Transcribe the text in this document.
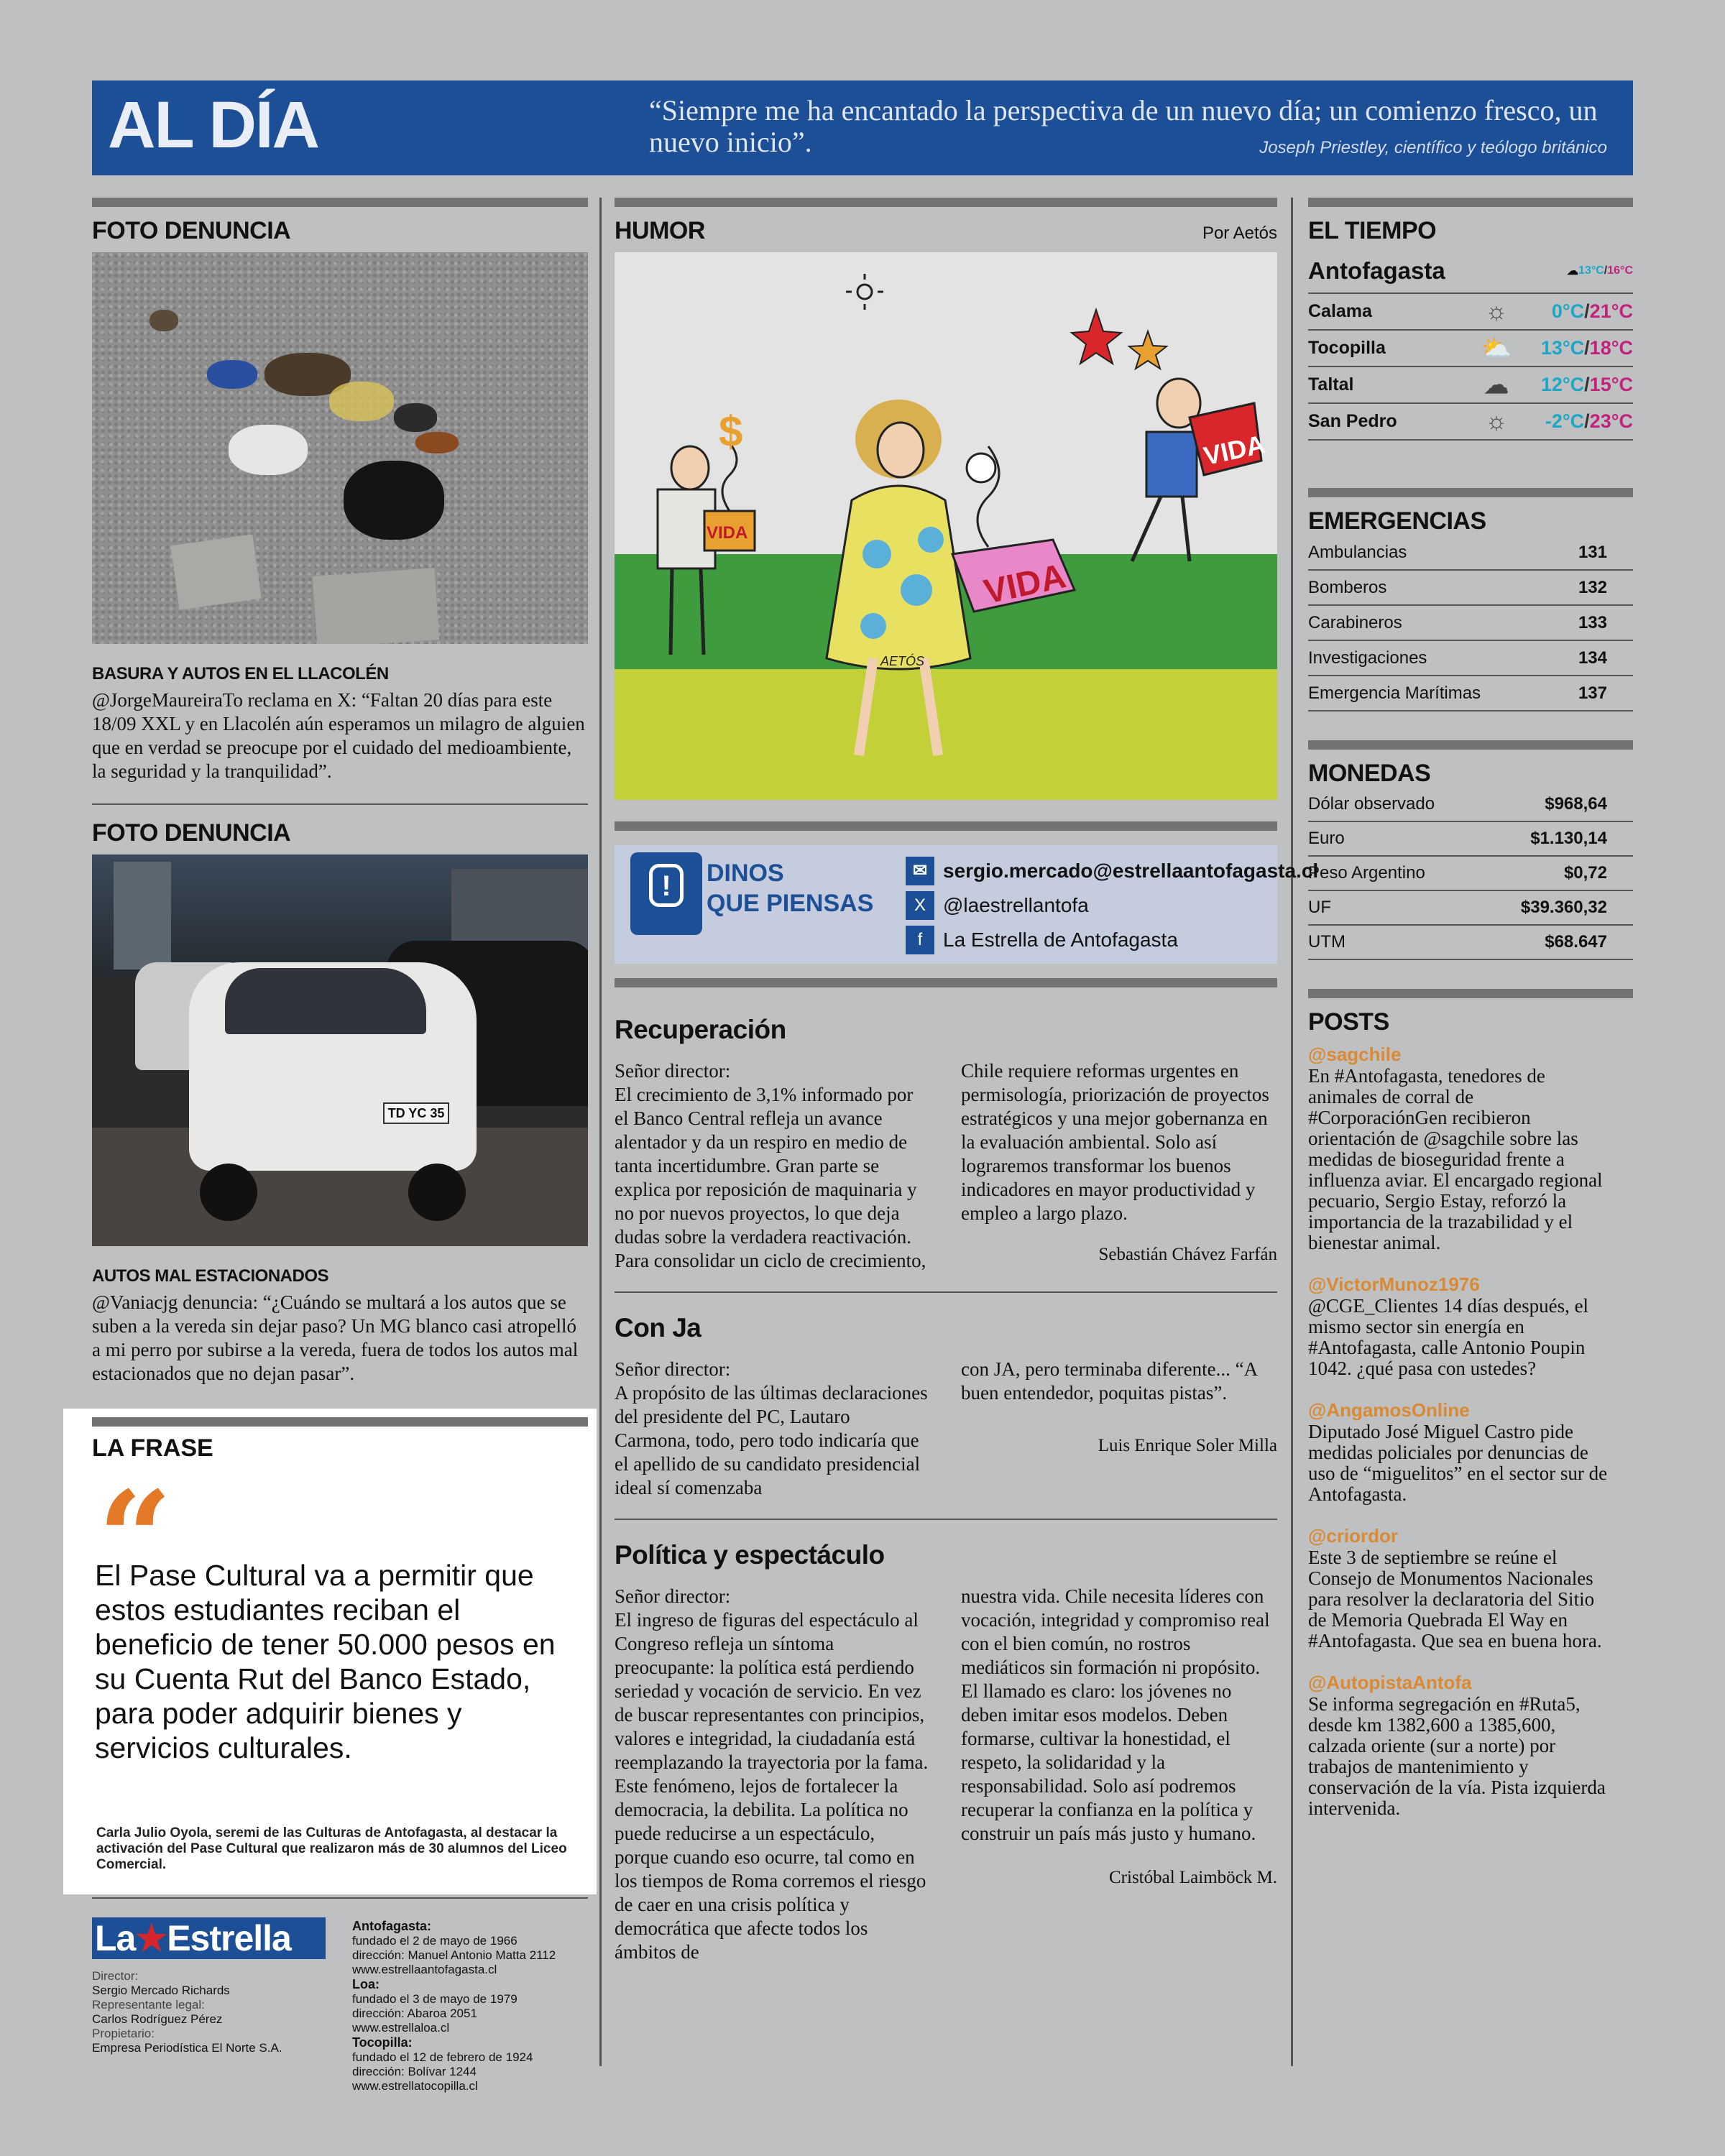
AL DÍA	“Siempre me ha encantado la perspectiva de un nuevo día; un comienzo fresco, un nuevo inicio”.	Joseph Priestley, científico y teólogo británico
FOTO DENUNCIA
BASURA Y AUTOS EN EL LLACOLÉN
@JorgeMaureiraTo reclama en X: “Faltan 20 días para este 18/09 XXL y en Llacolén aún esperamos un milagro de alguien que en verdad se preocupe por el cuidado del medioambiente, la seguridad y la tranquilidad”.
FOTO DENUNCIA
TD YC 35
AUTOS MAL ESTACIONADOS
@Vaniacjg denuncia: “¿Cuándo se multará a los autos que se suben a la vereda sin dejar paso? Un MG blanco casi atropelló a mi perro por subirse a la vereda, fuera de todos los autos mal estacionados que no dejan pasar”.
LA FRASE
“
El Pase Cultural va a permitir que estos estudiantes reciban el beneficio de tener 50.000 pesos en su Cuenta Rut del Banco Estado, para poder adquirir bienes y servicios culturales.
Carla Julio Oyola, seremi de las Culturas de Antofagasta, al destacar la activación del Pase Cultural que realizaron más de 30 alumnos del Liceo Comercial.
La★Estrella
Director:
Sergio Mercado Richards
Representante legal:
Carlos Rodríguez Pérez
Propietario:
Empresa Periodística El Norte S.A.
Antofagasta:
fundado el 2 de mayo de 1966
dirección: Manuel Antonio Matta 2112
www.estrellaantofagasta.cl
Loa:
fundado el 3 de mayo de 1979
dirección: Abaroa 2051
www.estrellaloa.cl
Tocopilla:
fundado el 12 de febrero de 1924
dirección: Bolívar 1244
www.estrellatocopilla.cl
HUMOR	Por Aetós
VIDA
$
VIDA
VIDA
AETÓS
!	DINOS
QUE PIENSAS
✉ sergio.mercado@estrellaantofagasta.cl
X @laestrellantofa
f	La Estrella de Antofagasta
Recuperación
Señor director:
El crecimiento de 3,1% informado por el Banco Central refleja un avance alentador y da un respiro en medio de tanta incertidumbre. Gran parte se explica por reposición de maquinaria y no por nuevos proyectos, lo que deja dudas sobre la verdadera reactivación. Para consolidar un ciclo de crecimiento,
Chile requiere reformas urgentes en permisología, priorización de proyectos estratégicos y una mejor gobernanza en la evaluación ambiental. Solo así lograremos transformar los buenos indicadores en mayor productividad y empleo a largo plazo.
Sebastián Chávez Farfán
Con Ja
Señor director:
A propósito de las últimas declaraciones del presidente del PC, Lautaro Carmona, todo, pero todo indicaría que el apellido de su candidato presidencial ideal sí comenzaba
con JA, pero terminaba diferente... “A buen entendedor, poquitas pistas”.
Luis Enrique Soler Milla
Política y espectáculo
Señor director:
El ingreso de figuras del espectáculo al Congreso refleja un síntoma preocupante: la política está perdiendo seriedad y vocación de servicio. En vez de buscar representantes con principios, valores e integridad, la ciudadanía está reemplazando la trayectoria por la fama. Este fenómeno, lejos de fortalecer la democracia, la debilita. La política no puede reducirse a un espectáculo, porque cuando eso ocurre, tal como en los tiempos de Roma corremos el riesgo de caer en una crisis política y democrática que afecte todos los ámbitos de
nuestra vida. Chile necesita líderes con vocación, integridad y compromiso real con el bien común, no rostros mediáticos sin formación ni propósito.
El llamado es claro: los jóvenes no deben imitar esos modelos. Deben formarse, cultivar la honestidad, el respeto, la solidaridad y la responsabilidad. Solo así podremos recuperar la confianza en la política y construir un país más justo y humano.
Cristóbal Laimböck M.
EL TIEMPO
Antofagasta	☁ 13°C/16°C
Calama	☼	0°C/21°C
Tocopilla	⛅	13°C/18°C
Taltal	☁	12°C/15°C
San Pedro	☼	-2°C/23°C
EMERGENCIAS
Ambulancias	131
Bomberos	132
Carabineros	133
Investigaciones	134
Emergencia Marítimas	137
MONEDAS
Dólar observado	$968,64
Euro	$1.130,14
Peso Argentino	$0,72
UF	$39.360,32
UTM	$68.647
POSTS
@sagchile
En #Antofagasta, tenedores de animales de corral de #CorporaciónGen recibieron orientación de @sagchile sobre las medidas de bioseguridad frente a influenza aviar. El encargado regional pecuario, Sergio Estay, reforzó la importancia de la trazabilidad y el bienestar animal.
@VictorMunoz1976
@CGE_Clientes 14 días después, el mismo sector sin energía en #Antofagasta, calle Antonio Poupin 1042. ¿qué pasa con ustedes?
@AngamosOnline
Diputado José Miguel Castro pide medidas policiales por denuncias de uso de “miguelitos” en el sector sur de Antofagasta.
@criordor
Este 3 de septiembre se reúne el Consejo de Monumentos Nacionales para resolver la declaratoria del Sitio de Memoria Quebrada El Way en #Antofagasta. Que sea en buena hora.
@AutopistaAntofa
Se informa segregación en #Ruta5, desde km 1382,600 a 1385,600, calzada oriente (sur a norte) por trabajos de mantenimiento y conservación de la vía. Pista izquierda intervenida.
